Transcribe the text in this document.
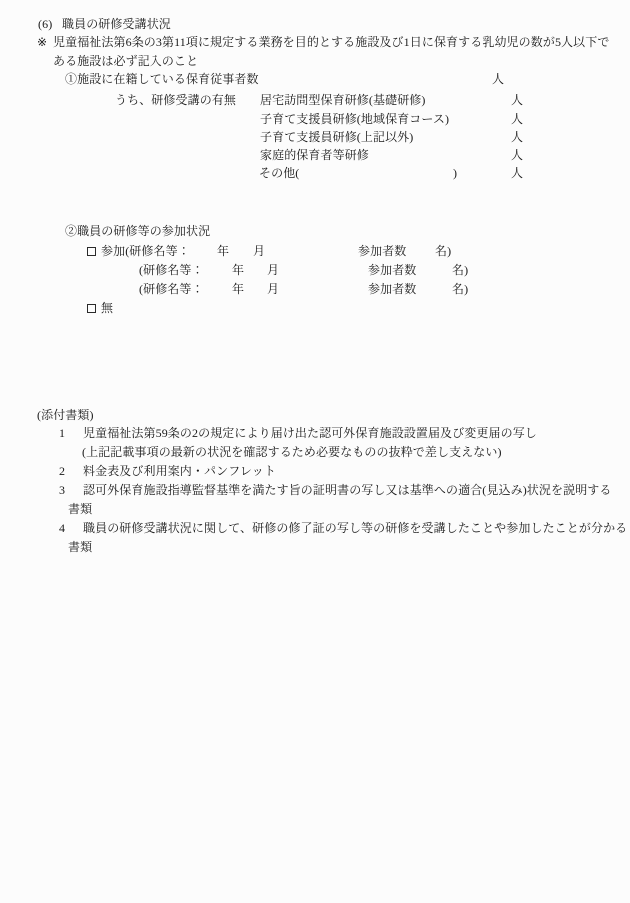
(6) 職員の研修受講状況
※ 児童福祉法第6条の3第11項に規定する業務を目的とする施設及び1日に保育する乳幼児の数が5人以下で
ある施設は必ず記入のこと
①施設に在籍している保育従事者数	人
うち、研修受講の有無 居宅訪問型保育研修(基礎研修)	人
子育て支援員研修(地域保育コース)	人
子育て支援員研修(上記以外)	人
家庭的保育者等研修	人
その他(	)	人
②職員の研修等の参加状況
参加(研修名等： 年 月	参加者数 名)
(研修名等： 年 月	参加者数	名)
(研修名等： 年 月	参加者数	名)
無
(添付書類)
1 児童福祉法第59条の2の規定により届け出た認可外保育施設設置届及び変更届の写し
(上記記載事項の最新の状況を確認するため必要なものの抜粋で差し支えない)
2 料金表及び利用案内・パンフレット
3 認可外保育施設指導監督基準を満たす旨の証明書の写し又は基準への適合(見込み)状況を説明する
書類
4 職員の研修受講状況に関して、研修の修了証の写し等の研修を受講したことや参加したことが分かる
書類
